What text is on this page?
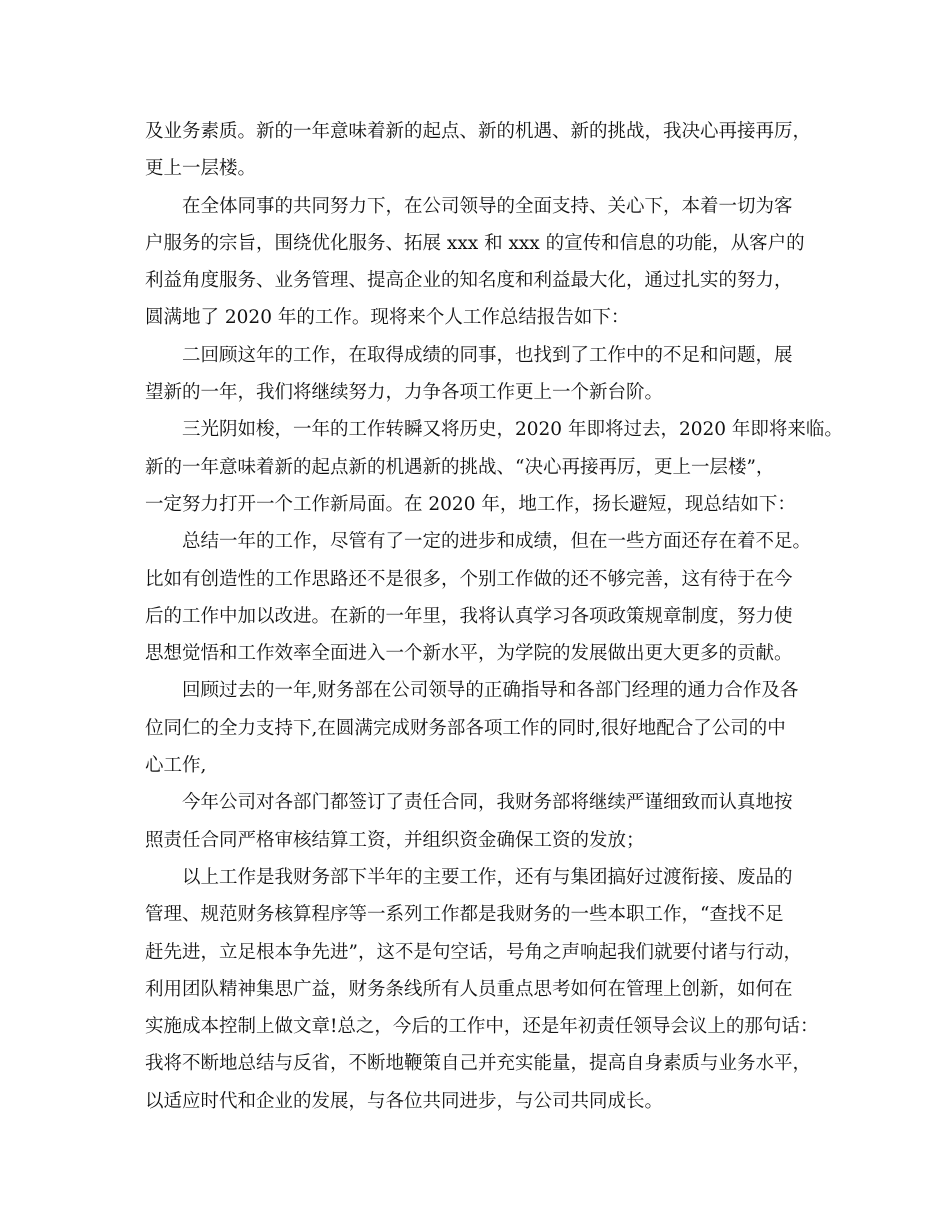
及业务素质。新的一年意味着新的起点、新的机遇、新的挑战，我决心再接再厉，
更上一层楼。
在全体同事的共同努力下，在公司领导的全面支持、关心下，本着一切为客
户服务的宗旨，围绕优化服务、拓展 xxx 和 xxx 的宣传和信息的功能，从客户的
利益角度服务、业务管理、提高企业的知名度和利益最大化，通过扎实的努力，
圆满地了 2020 年的工作。现将来个人工作总结报告如下：
二回顾这年的工作，在取得成绩的同事，也找到了工作中的不足和问题，展
望新的一年，我们将继续努力，力争各项工作更上一个新台阶。
三光阴如梭，一年的工作转瞬又将历史，2020 年即将过去，2020 年即将来临。
新的一年意味着新的起点新的机遇新的挑战、“决心再接再厉，更上一层楼”，
一定努力打开一个工作新局面。在 2020 年，地工作，扬长避短，现总结如下：
总结一年的工作，尽管有了一定的进步和成绩，但在一些方面还存在着不足。
比如有创造性的工作思路还不是很多，个别工作做的还不够完善，这有待于在今
后的工作中加以改进。在新的一年里，我将认真学习各项政策规章制度，努力使
思想觉悟和工作效率全面进入一个新水平，为学院的发展做出更大更多的贡献。
回顾过去的一年,财务部在公司领导的正确指导和各部门经理的通力合作及各
位同仁的全力支持下,在圆满完成财务部各项工作的同时,很好地配合了公司的中
心工作,
今年公司对各部门都签订了责任合同，我财务部将继续严谨细致而认真地按
照责任合同严格审核结算工资，并组织资金确保工资的发放；
以上工作是我财务部下半年的主要工作，还有与集团搞好过渡衔接、废品的
管理、规范财务核算程序等一系列工作都是我财务的一些本职工作，“查找不足
赶先进，立足根本争先进”，这不是句空话，号角之声响起我们就要付诸与行动，
利用团队精神集思广益，财务条线所有人员重点思考如何在管理上创新，如何在
实施成本控制上做文章!总之，今后的工作中，还是年初责任领导会议上的那句话：
我将不断地总结与反省，不断地鞭策自己并充实能量，提高自身素质与业务水平，
以适应时代和企业的发展，与各位共同进步，与公司共同成长。
